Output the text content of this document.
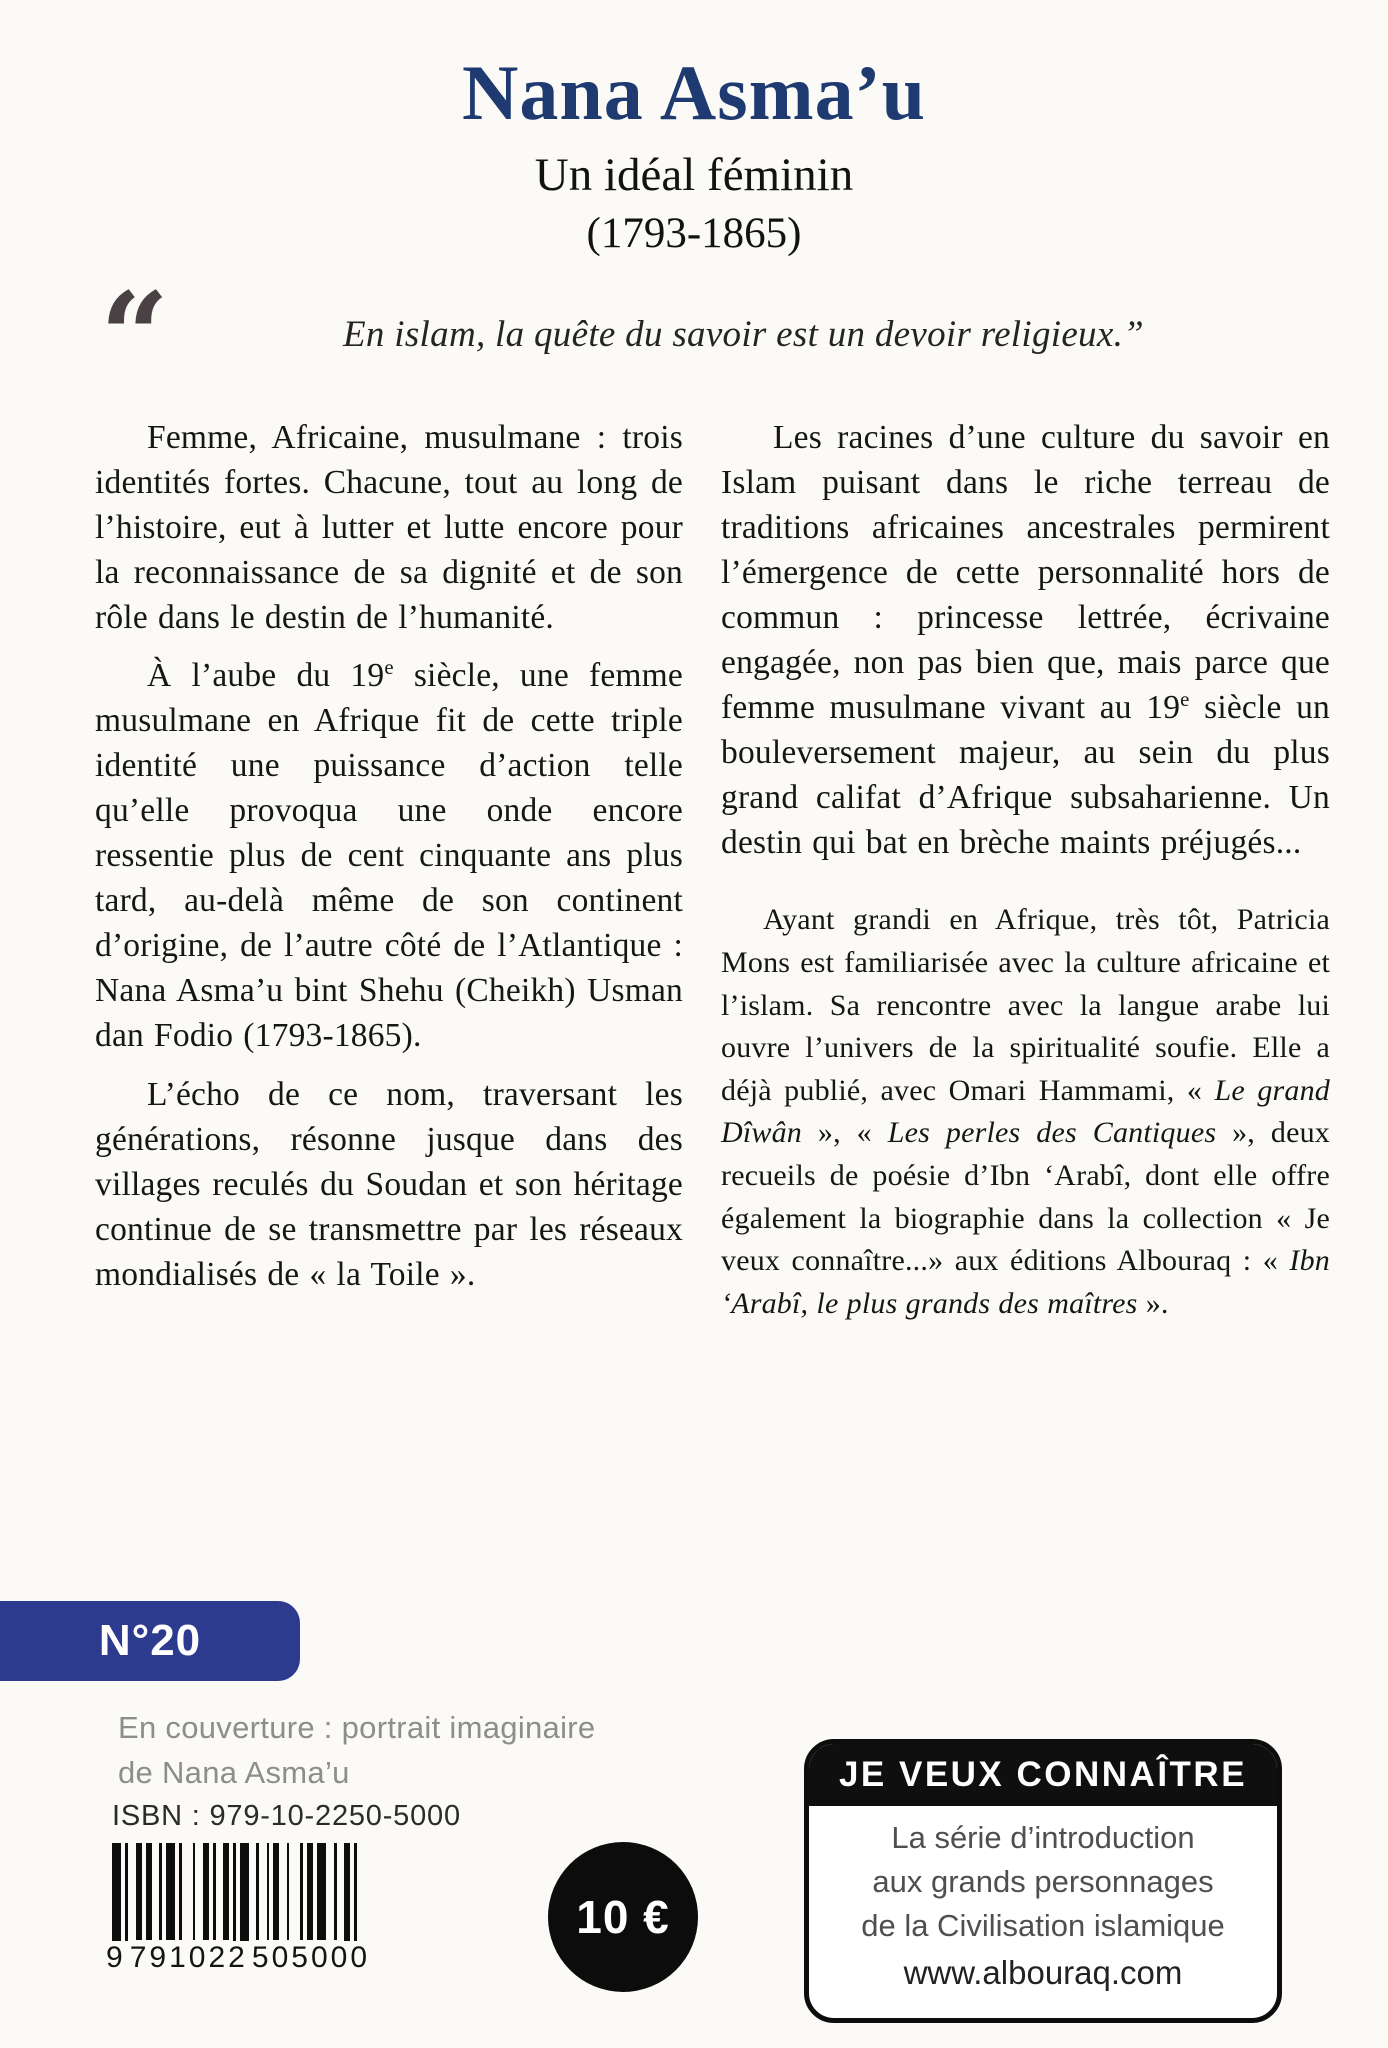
Nana Asma’u
Un idéal féminin
(1793-1865)
“	En islam, la quête du savoir est un devoir religieux.”

Femme, Africaine, musulmane : trois identités fortes. Chacune, tout au long de l’histoire, eut à lutter et lutte encore pour la reconnaissance de sa dignité et de son rôle dans le destin de l’humanité.

À l’aube du 19e siècle, une femme musulmane en Afrique fit de cette triple identité une puissance d’action telle qu’elle provoqua une onde encore ressentie plus de cent cinquante ans plus tard, au-delà même de son continent d’origine, de l’autre côté de l’Atlantique : Nana Asma’u bint Shehu (Cheikh) Usman dan Fodio (1793-1865).

L’écho de ce nom, traversant les générations, résonne jusque dans des villages reculés du Soudan et son héritage continue de se transmettre par les réseaux mondialisés de « la Toile ».

Les racines d’une culture du savoir en Islam puisant dans le riche terreau de traditions africaines ancestrales permirent l’émergence de cette personnalité hors de commun : princesse lettrée, écrivaine engagée, non pas bien que, mais parce que femme musulmane vivant au 19e siècle un bouleversement majeur, au sein du plus grand califat d’Afrique subsaharienne. Un destin qui bat en brèche maints préjugés...

Ayant grandi en Afrique, très tôt, Patricia Mons est familiarisée avec la culture africaine et l’islam. Sa rencontre avec la langue arabe lui ouvre l’univers de la spiritualité soufie. Elle a déjà publié, avec Omari Hammami, « Le grand Dîwân », « Les perles des Cantiques », deux recueils de poésie d’Ibn ‘Arabî, dont elle offre également la biographie dans la collection « Je veux connaître...» aux éditions Albouraq : « Ibn ‘Arabî, le plus grands des maîtres ».

N°20
En couverture : portrait imaginaire
de Nana Asma’u
ISBN : 979-10-2250-5000
9 791022 505000
10 €
JE VEUX CONNAÎTRE
La série d’introduction
aux grands personnages
de la Civilisation islamique
www.albouraq.com
